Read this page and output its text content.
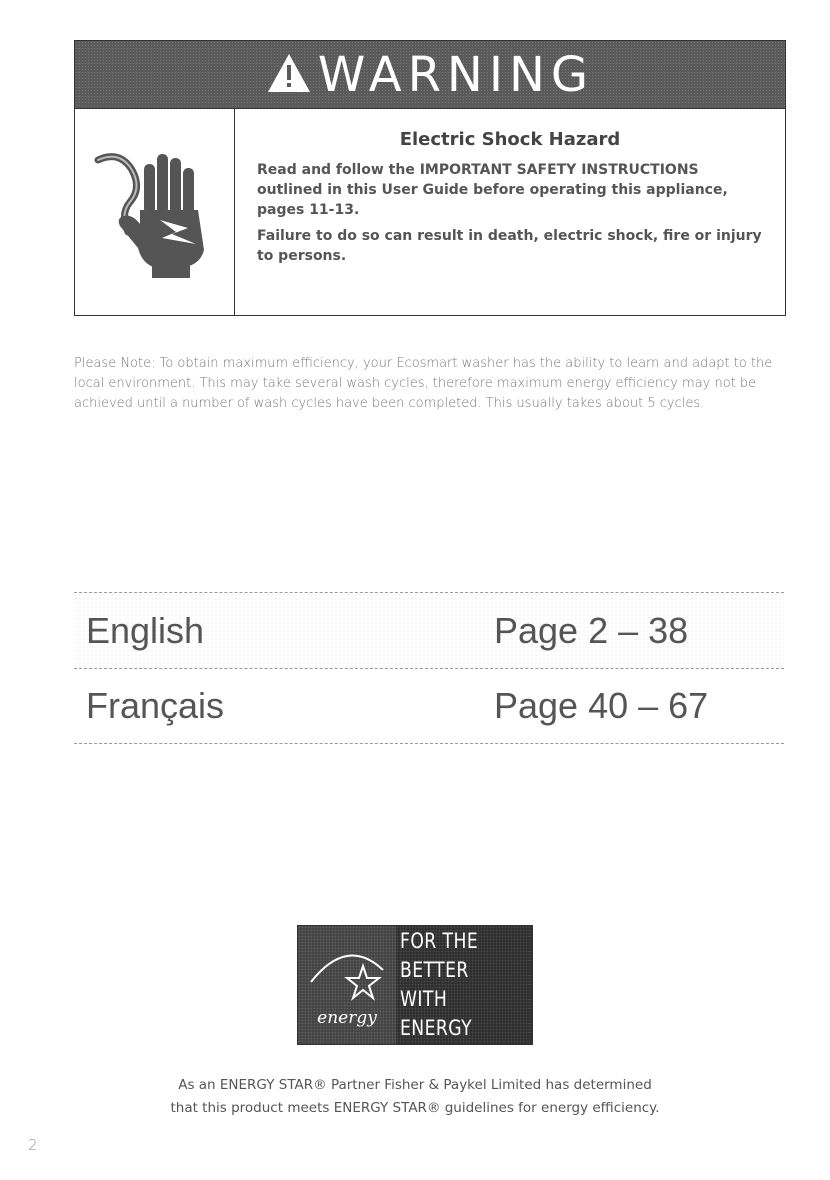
WARNING
Electric Shock Hazard

Read and follow the IMPORTANT SAFETY INSTRUCTIONS outlined in this User Guide before operating this appliance, pages 11-13.

Failure to do so can result in death, electric shock, fire or injury to persons.

Please Note: To obtain maximum efficiency, your Ecosmart washer has the ability to learn and adapt to the local environment. This may take several wash cycles, therefore maximum energy efficiency may not be achieved until a number of wash cycles have been completed. This usually takes about 5 cycles.

English	Page 2 – 38
Français	Page 40 – 67
energy
CHANGE FOR THE
BETTER WITH
ENERGY STAR
As an ENERGY STAR® Partner Fisher & Paykel Limited has determined
that this product meets ENERGY STAR® guidelines for energy efficiency.
2
